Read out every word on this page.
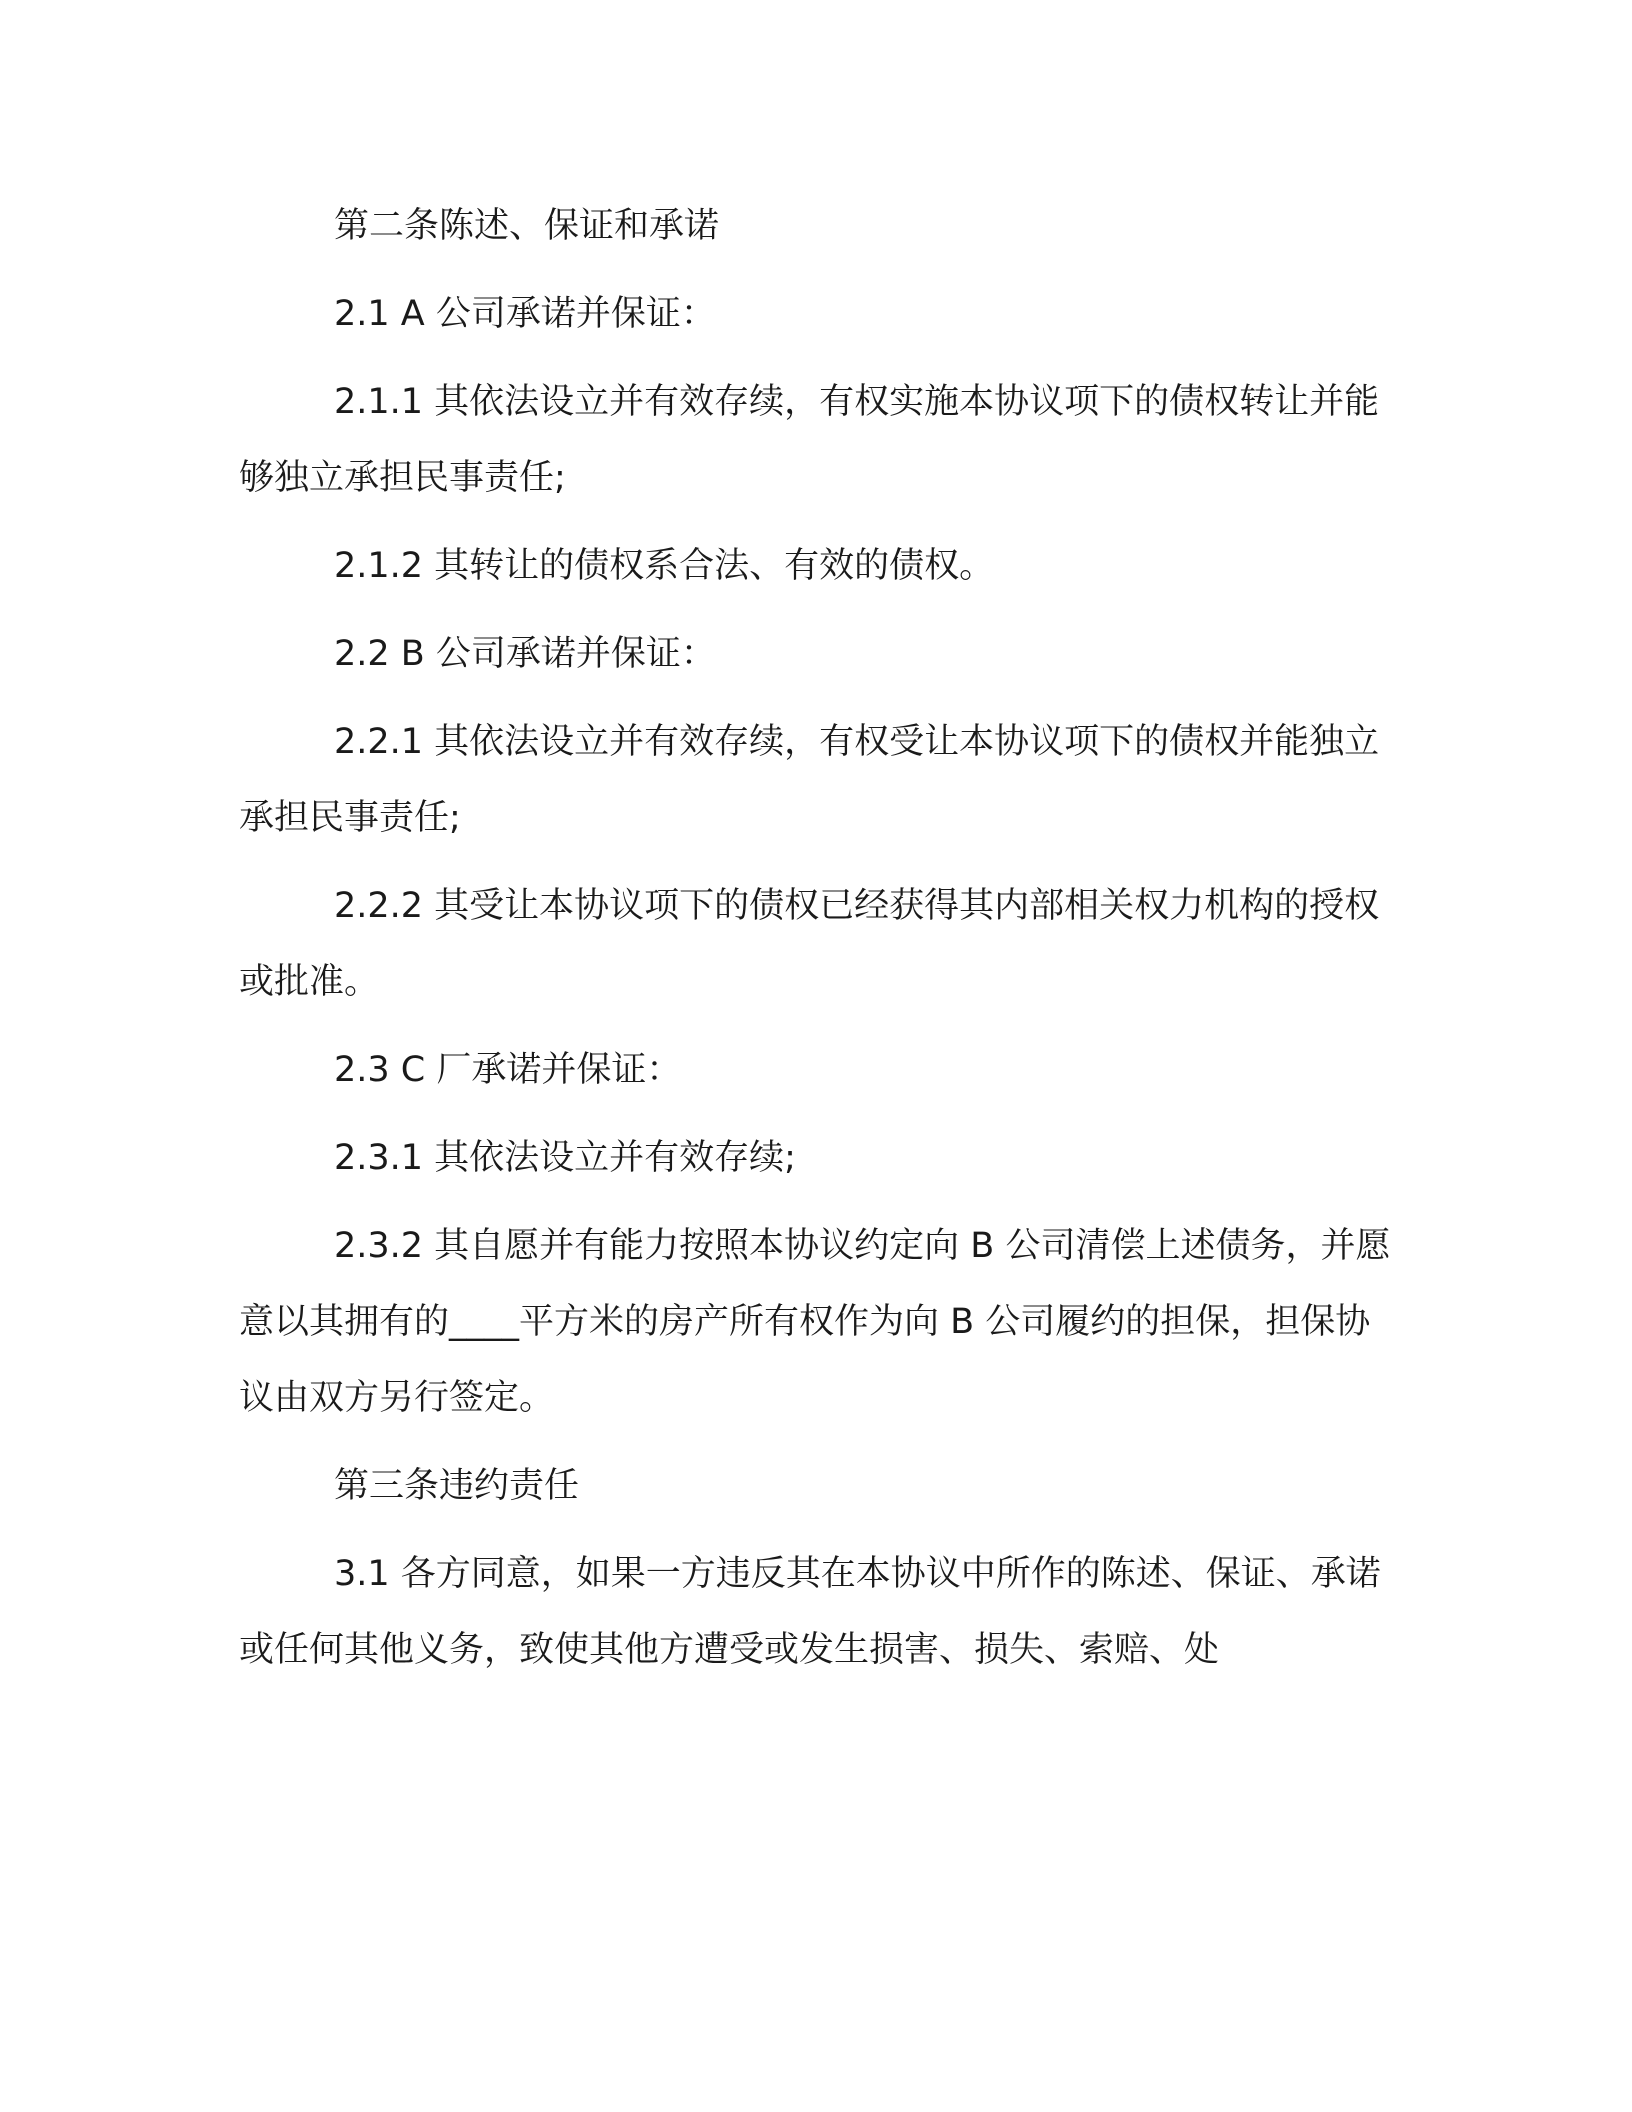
第二条陈述、保证和承诺

2.1 A 公司承诺并保证：

2.1.1 其依法设立并有效存续，有权实施本协议项下的债权转让并能够独立承担民事责任;

2.1.2 其转让的债权系合法、有效的债权。

2.2 B 公司承诺并保证：

2.2.1 其依法设立并有效存续，有权受让本协议项下的债权并能独立承担民事责任;

2.2.2 其受让本协议项下的债权已经获得其内部相关权力机构的授权或批准。

2.3 C 厂承诺并保证：

2.3.1 其依法设立并有效存续;

2.3.2 其自愿并有能力按照本协议约定向 B 公司清偿上述债务，并愿意以其拥有的____平方米的房产所有权作为向 B 公司履约的担保，担保协议由双方另行签定。

第三条违约责任

3.1 各方同意，如果一方违反其在本协议中所作的陈述、保证、承诺或任何其他义务，致使其他方遭受或发生损害、损失、索赔、处
